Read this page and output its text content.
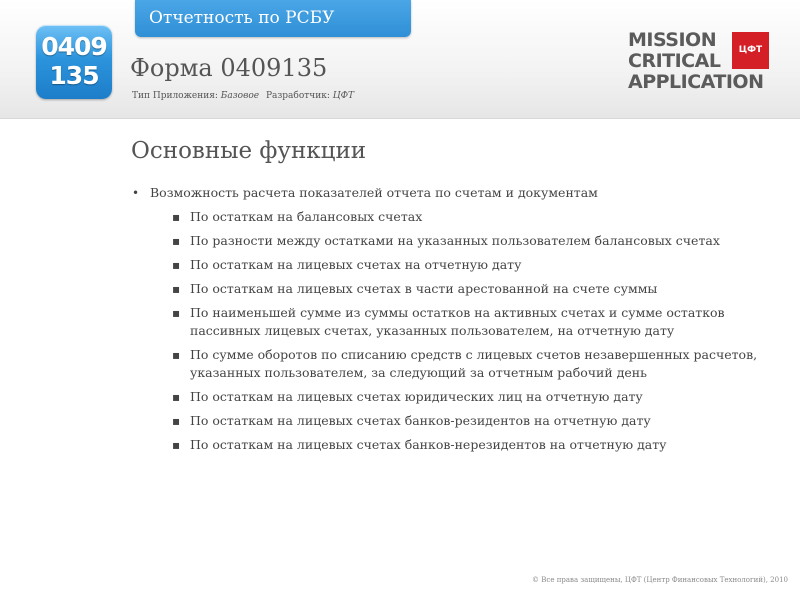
Отчетность по РСБУ
0409
135	Форма 0409135
Тип Приложения: Базовое Разработчик: ЦФТ
MISSION
CRITICAL
APPLICATION
ЦФТ
Основные функции
• Возможность расчета показателей отчета по счетам и документам
▪ По остаткам на балансовых счетах
▪ По разности между остатками на указанных пользователем балансовых счетах
▪ По остаткам на лицевых счетах на отчетную дату
▪ По остаткам на лицевых счетах в части арестованной на счете суммы
▪ По наименьшей сумме из суммы остатков на активных счетах и сумме остатков пассивных лицевых счетах, указанных пользователем, на отчетную дату
▪ По сумме оборотов по списанию средств с лицевых счетов незавершенных расчетов, указанных пользователем, за следующий за отчетным рабочий день
▪ По остаткам на лицевых счетах юридических лиц на отчетную дату
▪ По остаткам на лицевых счетах банков-резидентов на отчетную дату
▪ По остаткам на лицевых счетах банков-нерезидентов на отчетную дату
© Все права защищены, ЦФТ (Центр Финансовых Технологий), 2010
